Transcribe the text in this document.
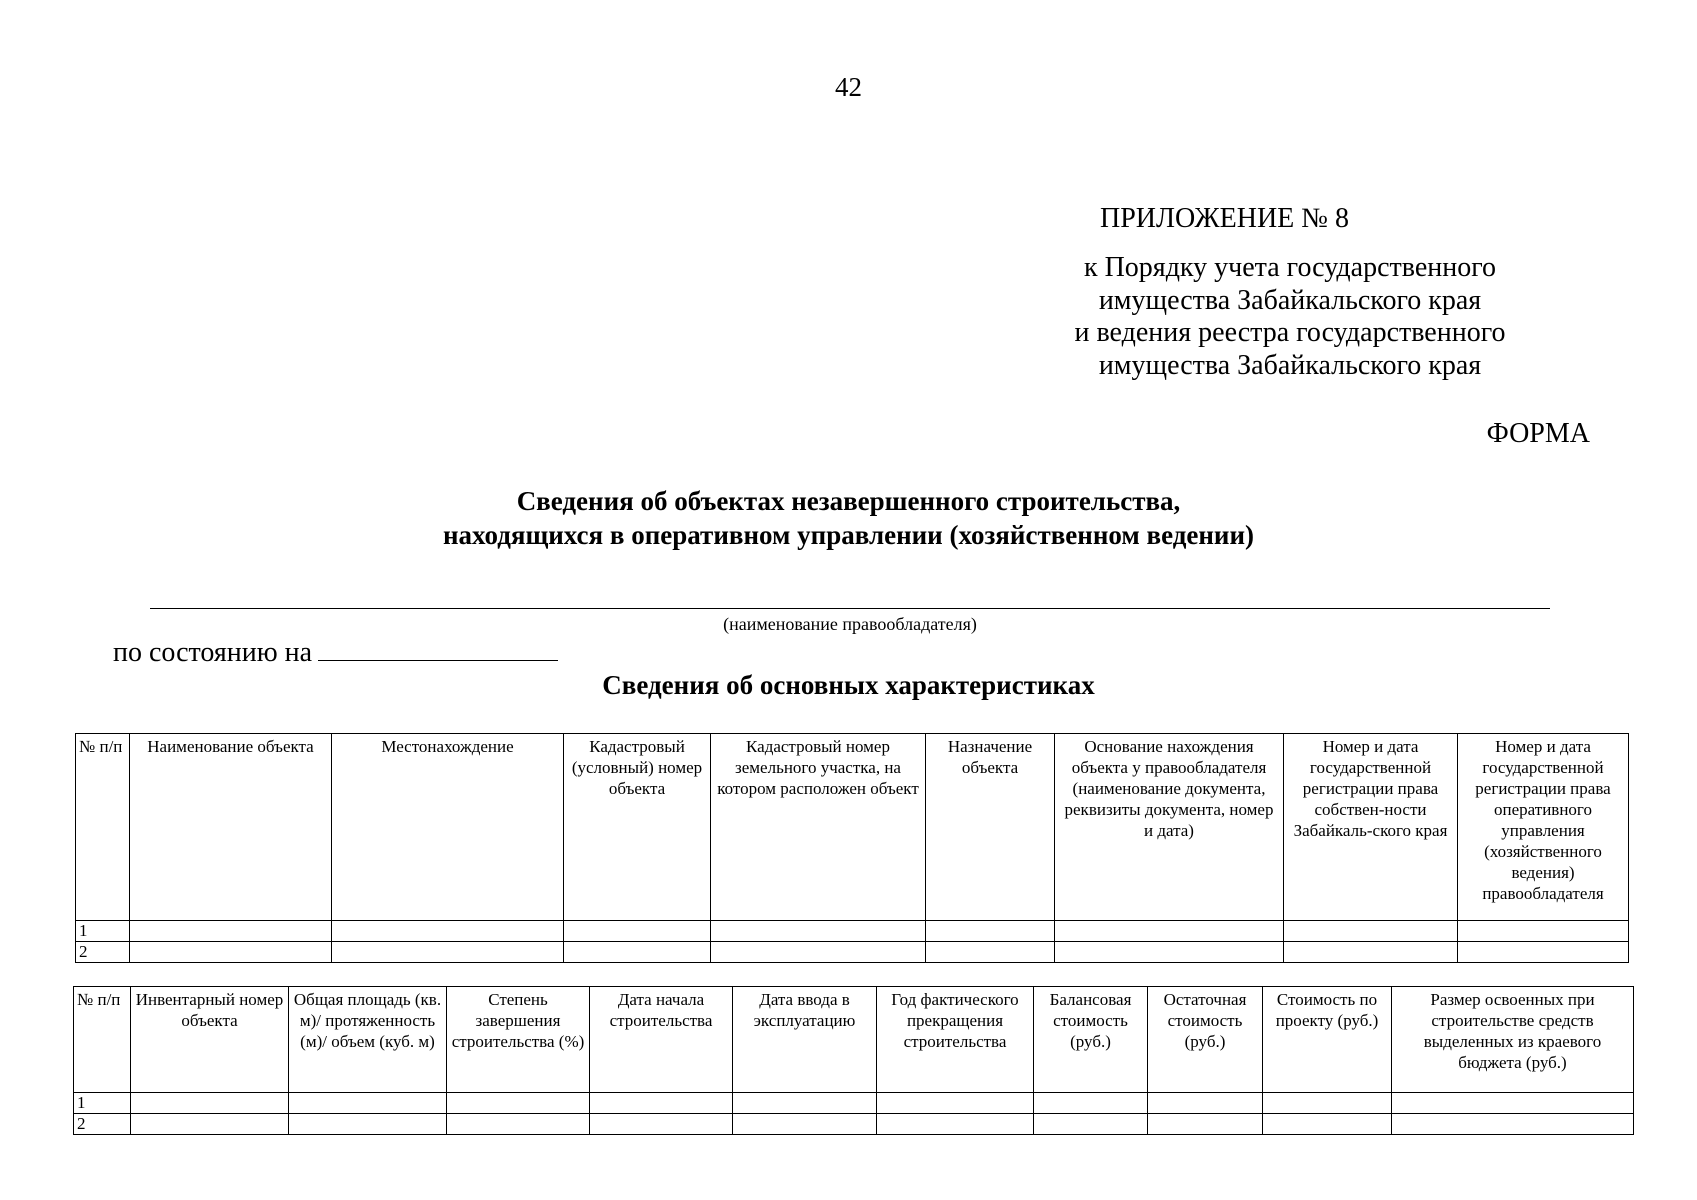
42
ПРИЛОЖЕНИЕ № 8
к Порядку учета государственного
имущества Забайкальского края
и ведения реестра государственного
имущества Забайкальского края
ФОРМА
Сведения об объектах незавершенного строительства,
находящихся в оперативном управлении (хозяйственном ведении)
(наименование правообладателя)
по состоянию на
Сведения об основных характеристиках
№ п/п	Наименование объекта	Местонахождение	Кадастровый (условный) номер объекта	Кадастровый номер земельного участка, на котором расположен объект	Назначение объекта	Основание нахождения объекта у правообладателя (наименование документа, реквизиты документа, номер и дата)	Номер и дата государственной регистрации права собствен-ности Забайкаль-ского края	Номер и дата государственной регистрации права оперативного управления (хозяйственного ведения) правообладателя
1								
2								
№ п/п	Инвентарный номер объекта	Общая площадь (кв. м)/ протяженность (м)/ объем (куб. м)	Степень завершения строительства (%)	Дата начала строительства	Дата ввода в эксплуатацию	Год фактического прекращения строительства	Балансовая стоимость (руб.)	Остаточная стоимость (руб.)	Стоимость по проекту (руб.)	Размер освоенных при строительстве средств выделенных из краевого бюджета (руб.)
1										
2										
